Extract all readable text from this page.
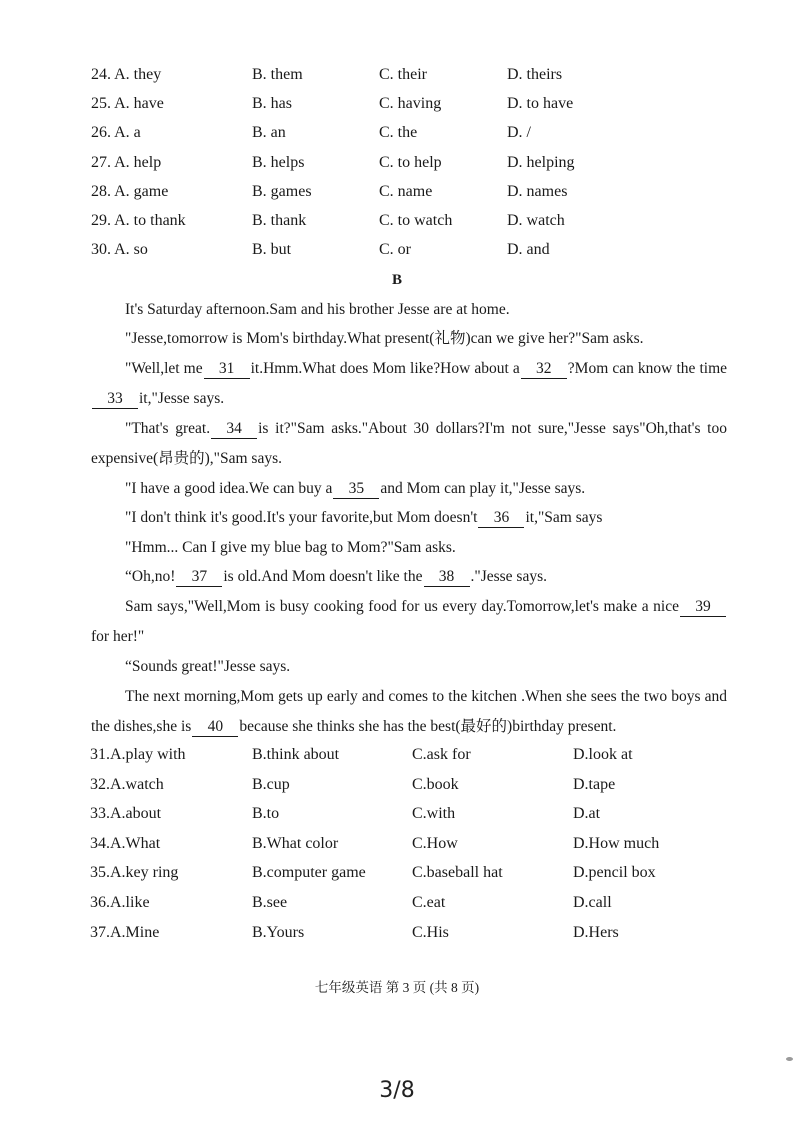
24. A. they	B. them	C. their	D. theirs
25. A. have	B. has	C. having	D. to have
26. A. a	B. an	C. the	D. /
27. A. help	B. helps	C. to help	D. helping
28. A. game	B. games	C. name	D. names
29. A. to thank	B. thank	C. to watch	D. watch
30. A. so	B. but	C. or	D. and
B
It's Saturday afternoon.Sam and his brother Jesse are at home.
"Jesse,tomorrow is Mom's birthday.What present(礼物)can we give her?"Sam asks.
"Well,let me 31 it.Hmm.What does Mom like?How about a 32 ?Mom can know the time33 it,"Jesse says.
"That's great. 34 is it?"Sam asks."About 30 dollars?I'm not sure,"Jesse says"Oh,that's too expensive(昂贵的),"Sam says.
"I have a good idea.We can buy a 35 and Mom can play it,"Jesse says.
"I don't think it's good.It's your favorite,but Mom doesn't 36 it,"Sam says
"Hmm... Can I give my blue bag to Mom?"Sam asks.
“Oh,no! 37 is old.And Mom doesn't like the 38 ."Jesse says.
Sam says,"Well,Mom is busy cooking food for us every day.Tomorrow,let's make a nice 39for her!"
“Sounds great!"Jesse says.
The next morning,Mom gets up early and comes to the kitchen .When she sees the two boys and the dishes,she is 40 because she thinks she has the best(最好的)birthday present.
31.A.play with	B.think about	C.ask for	D.look at
32.A.watch	B.cup	C.book	D.tape
33.A.about	B.to	C.with	D.at
34.A.What	B.What color	C.How	D.How much
35.A.key ring	B.computer game	C.baseball hat	D.pencil box
36.A.like	B.see	C.eat	D.call
37.A.Mine	B.Yours	C.His	D.Hers
七年级英语 第 3 页 (共 8 页)
3/8
